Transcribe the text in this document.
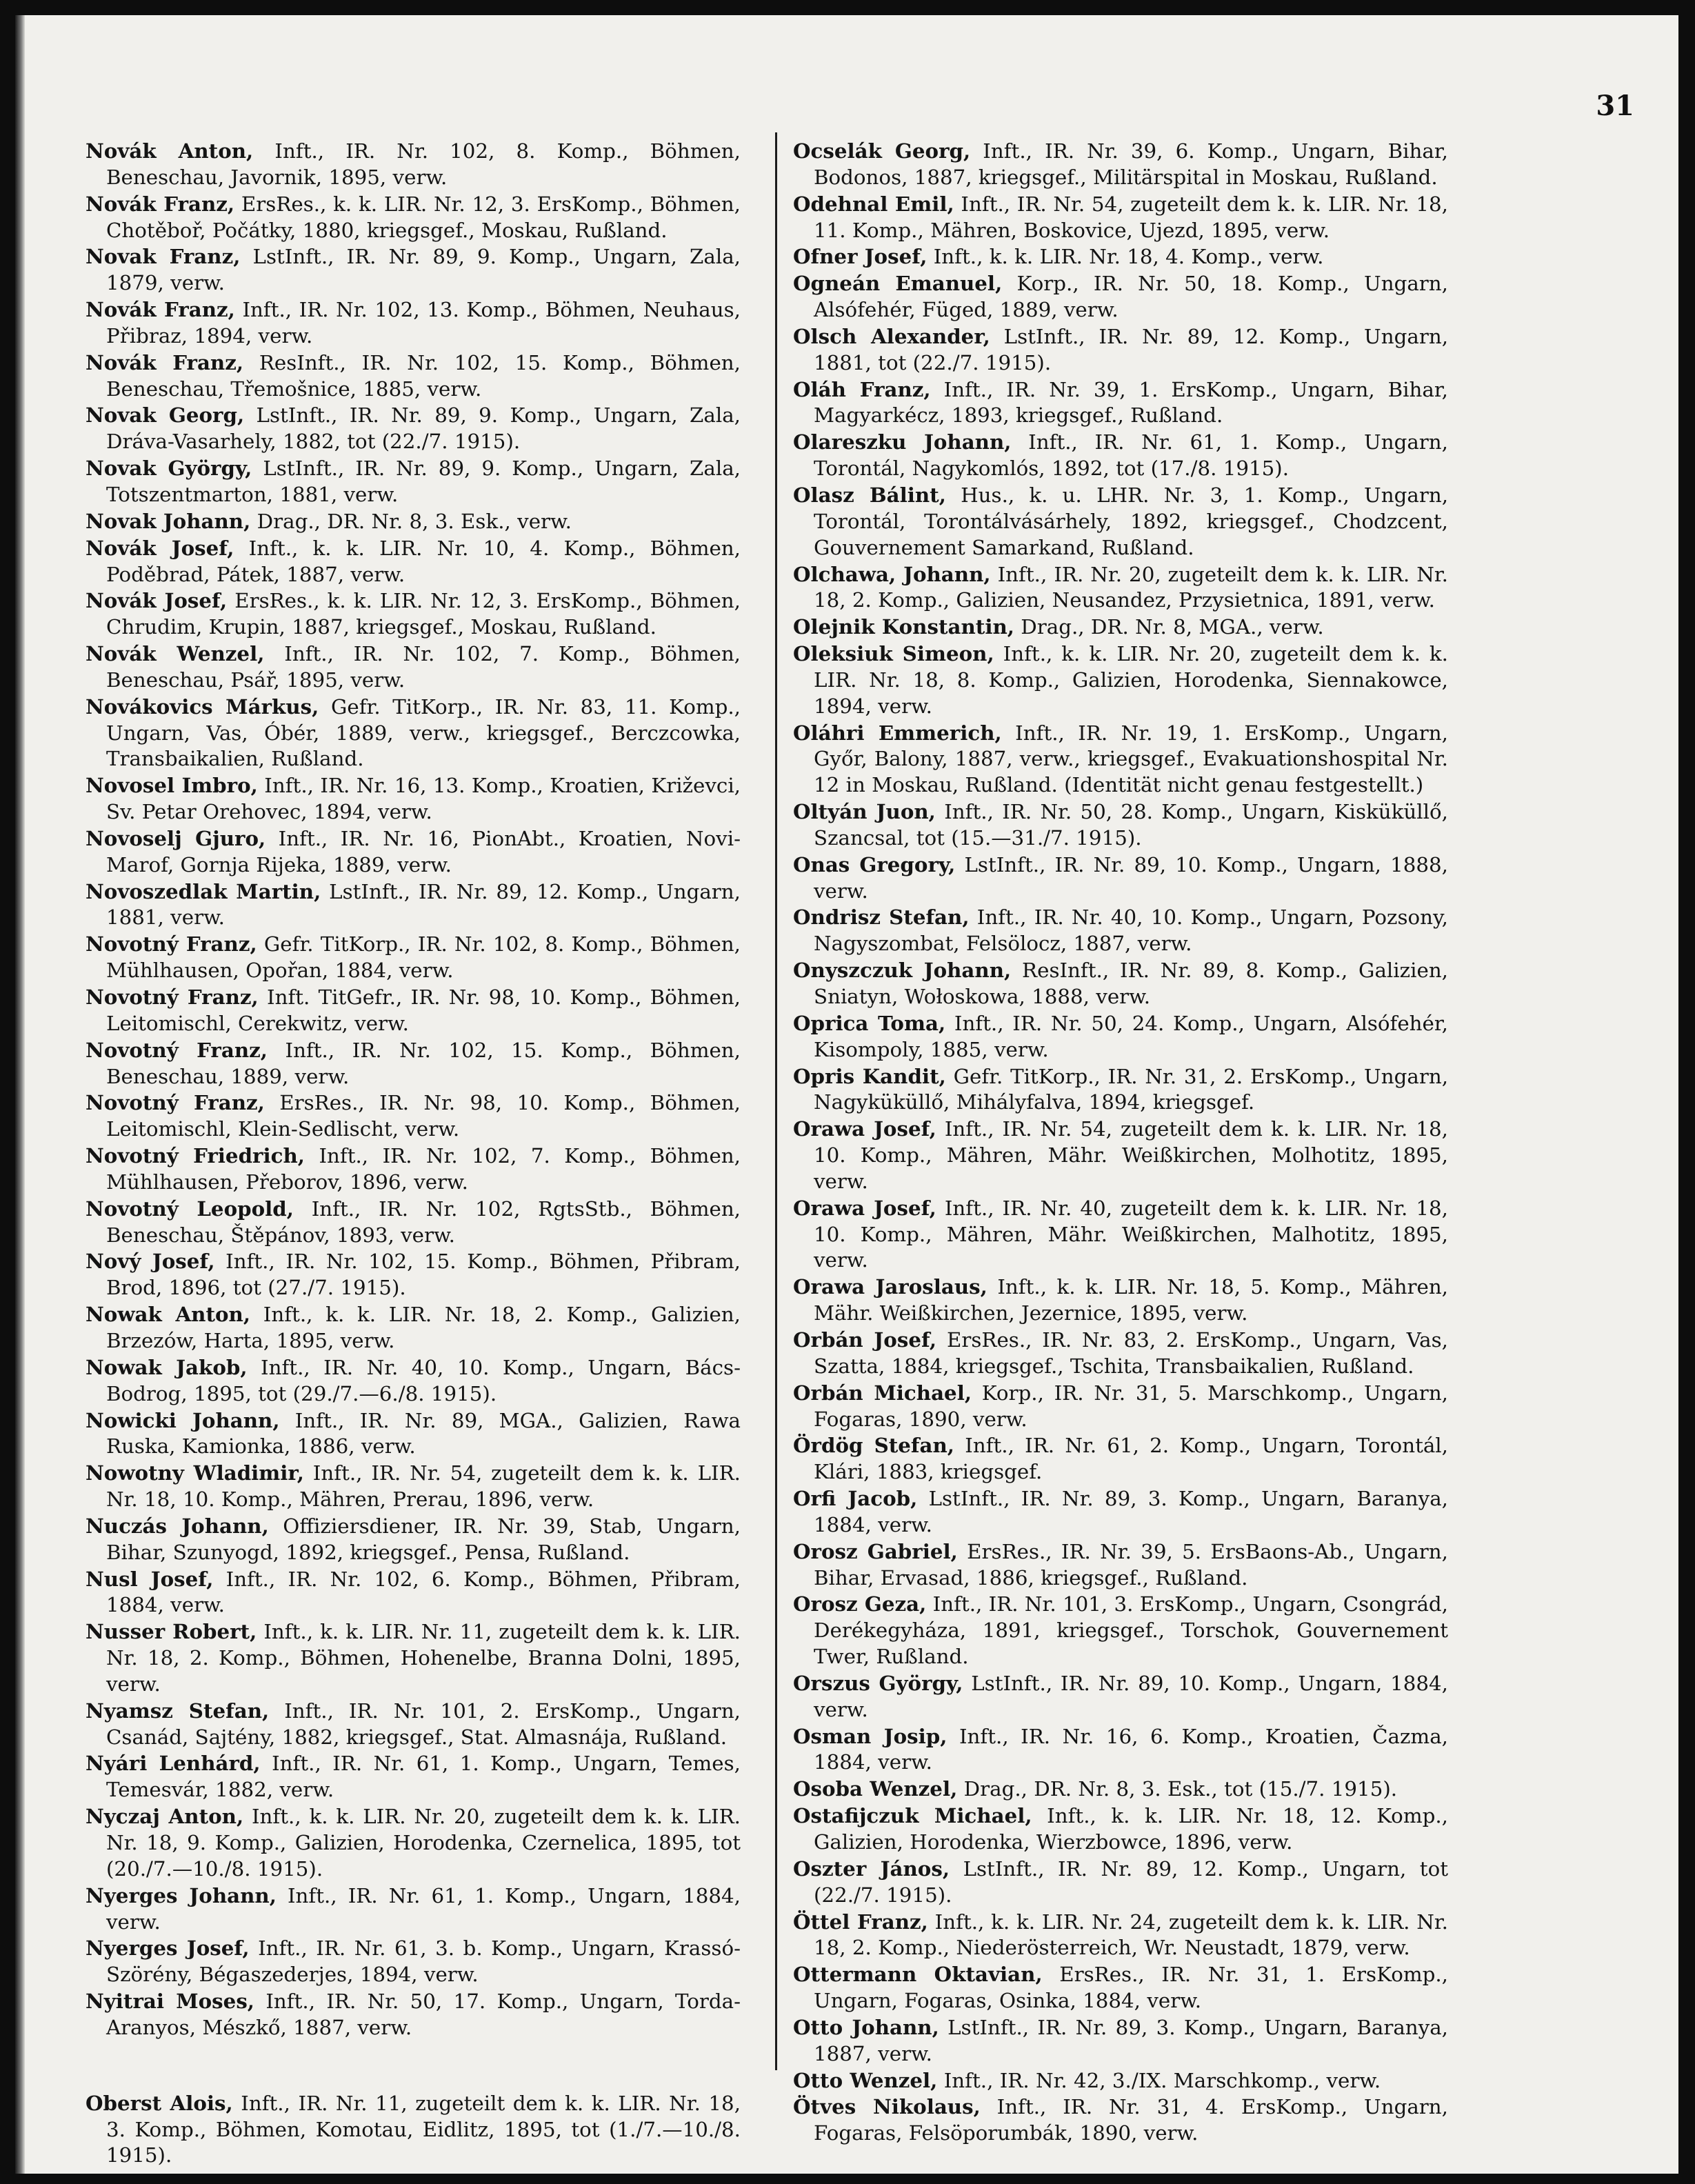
31

Novák Anton, Inft., IR. Nr. 102, 8. Komp., Böhmen, Beneschau, Javornik, 1895, verw.

Novák Franz, ErsRes., k. k. LIR. Nr. 12, 3. ErsKomp., Böhmen, Chotěboř, Počátky, 1880, kriegsgef., Moskau, Rußland.

Novak Franz, LstInft., IR. Nr. 89, 9. Komp., Ungarn, Zala, 1879, verw.

Novák Franz, Inft., IR. Nr. 102, 13. Komp., Böhmen, Neuhaus, Přibraz, 1894, verw.

Novák Franz, ResInft., IR. Nr. 102, 15. Komp., Böhmen, Beneschau, Třemošnice, 1885, verw.

Novak Georg, LstInft., IR. Nr. 89, 9. Komp., Ungarn, Zala, Dráva-Vasarhely, 1882, tot (22./7. 1915).

Novak György, LstInft., IR. Nr. 89, 9. Komp., Ungarn, Zala, Totszentmarton, 1881, verw.

Novak Johann, Drag., DR. Nr. 8, 3. Esk., verw.

Novák Josef, Inft., k. k. LIR. Nr. 10, 4. Komp., Böhmen, Poděbrad, Pátek, 1887, verw.

Novák Josef, ErsRes., k. k. LIR. Nr. 12, 3. ErsKomp., Böhmen, Chrudim, Krupin, 1887, kriegsgef., Moskau, Rußland.

Novák Wenzel, Inft., IR. Nr. 102, 7. Komp., Böhmen, Beneschau, Psář, 1895, verw.

Novákovics Márkus, Gefr. TitKorp., IR. Nr. 83, 11. Komp., Ungarn, Vas, Óbér, 1889, verw., kriegsgef., Berczcowka, Transbaikalien, Rußland.

Novosel Imbro, Inft., IR. Nr. 16, 13. Komp., Kroatien, Križevci, Sv. Petar Orehovec, 1894, verw.

Novoselj Gjuro, Inft., IR. Nr. 16, PionAbt., Kroatien, Novi-Marof, Gornja Rijeka, 1889, verw.

Novoszedlak Martin, LstInft., IR. Nr. 89, 12. Komp., Ungarn, 1881, verw.

Novotný Franz, Gefr. TitKorp., IR. Nr. 102, 8. Komp., Böhmen, Mühlhausen, Opořan, 1884, verw.

Novotný Franz, Inft. TitGefr., IR. Nr. 98, 10. Komp., Böhmen, Leitomischl, Cerekwitz, verw.

Novotný Franz, Inft., IR. Nr. 102, 15. Komp., Böhmen, Beneschau, 1889, verw.

Novotný Franz, ErsRes., IR. Nr. 98, 10. Komp., Böhmen, Leitomischl, Klein-Sedlischt, verw.

Novotný Friedrich, Inft., IR. Nr. 102, 7. Komp., Böhmen, Mühlhausen, Přeborov, 1896, verw.

Novotný Leopold, Inft., IR. Nr. 102, RgtsStb., Böhmen, Beneschau, Štěpánov, 1893, verw.

Nový Josef, Inft., IR. Nr. 102, 15. Komp., Böhmen, Přibram, Brod, 1896, tot (27./7. 1915).

Nowak Anton, Inft., k. k. LIR. Nr. 18, 2. Komp., Galizien, Brzezów, Harta, 1895, verw.

Nowak Jakob, Inft., IR. Nr. 40, 10. Komp., Ungarn, Bács-Bodrog, 1895, tot (29./7.—6./8. 1915).

Nowicki Johann, Inft., IR. Nr. 89, MGA., Galizien, Rawa Ruska, Kamionka, 1886, verw.

Nowotny Wladimir, Inft., IR. Nr. 54, zugeteilt dem k. k. LIR. Nr. 18, 10. Komp., Mähren, Prerau, 1896, verw.

Nuczás Johann, Offiziersdiener, IR. Nr. 39, Stab, Ungarn, Bihar, Szunyogd, 1892, kriegsgef., Pensa, Rußland.

Nusl Josef, Inft., IR. Nr. 102, 6. Komp., Böhmen, Přibram, 1884, verw.

Nusser Robert, Inft., k. k. LIR. Nr. 11, zugeteilt dem k. k. LIR. Nr. 18, 2. Komp., Böhmen, Hohenelbe, Branna Dolni, 1895, verw.

Nyamsz Stefan, Inft., IR. Nr. 101, 2. ErsKomp., Ungarn, Csanád, Sajtény, 1882, kriegsgef., Stat. Almasnája, Rußland.

Nyári Lenhárd, Inft., IR. Nr. 61, 1. Komp., Ungarn, Temes, Temesvár, 1882, verw.

Nyczaj Anton, Inft., k. k. LIR. Nr. 20, zugeteilt dem k. k. LIR. Nr. 18, 9. Komp., Galizien, Horodenka, Czernelica, 1895, tot (20./7.—10./8. 1915).

Nyerges Johann, Inft., IR. Nr. 61, 1. Komp., Ungarn, 1884, verw.

Nyerges Josef, Inft., IR. Nr. 61, 3. b. Komp., Ungarn, Krassó-Szörény, Bégaszederjes, 1894, verw.

Nyitrai Moses, Inft., IR. Nr. 50, 17. Komp., Ungarn, Torda-Aranyos, Mészkő, 1887, verw.

Oberst Alois, Inft., IR. Nr. 11, zugeteilt dem k. k. LIR. Nr. 18, 3. Komp., Böhmen, Komotau, Eidlitz, 1895, tot (1./7.—10./8. 1915).

Ocselák Georg, Inft., IR. Nr. 39, 6. Komp., Ungarn, Bihar, Bodonos, 1887, kriegsgef., Militärspital in Moskau, Rußland.

Odehnal Emil, Inft., IR. Nr. 54, zugeteilt dem k. k. LIR. Nr. 18, 11. Komp., Mähren, Boskovice, Ujezd, 1895, verw.

Ofner Josef, Inft., k. k. LIR. Nr. 18, 4. Komp., verw.

Ogneán Emanuel, Korp., IR. Nr. 50, 18. Komp., Ungarn, Alsófehér, Füged, 1889, verw.

Olsch Alexander, LstInft., IR. Nr. 89, 12. Komp., Ungarn, 1881, tot (22./7. 1915).

Oláh Franz, Inft., IR. Nr. 39, 1. ErsKomp., Ungarn, Bihar, Magyarkécz, 1893, kriegsgef., Rußland.

Olareszku Johann, Inft., IR. Nr. 61, 1. Komp., Ungarn, Torontál, Nagykomlós, 1892, tot (17./8. 1915).

Olasz Bálint, Hus., k. u. LHR. Nr. 3, 1. Komp., Ungarn, Torontál, Torontálvásárhely, 1892, kriegsgef., Chodzcent, Gouvernement Samarkand, Rußland.

Olchawa, Johann, Inft., IR. Nr. 20, zugeteilt dem k. k. LIR. Nr. 18, 2. Komp., Galizien, Neusandez, Przysietnica, 1891, verw.

Olejnik Konstantin, Drag., DR. Nr. 8, MGA., verw.

Oleksiuk Simeon, Inft., k. k. LIR. Nr. 20, zugeteilt dem k. k. LIR. Nr. 18, 8. Komp., Galizien, Horodenka, Siennakowce, 1894, verw.

Oláhri Emmerich, Inft., IR. Nr. 19, 1. ErsKomp., Ungarn, Győr, Balony, 1887, verw., kriegsgef., Evakuationshospital Nr. 12 in Moskau, Rußland. (Identität nicht genau festgestellt.)

Oltyán Juon, Inft., IR. Nr. 50, 28. Komp., Ungarn, Kisküküllő, Szancsal, tot (15.—31./7. 1915).

Onas Gregory, LstInft., IR. Nr. 89, 10. Komp., Ungarn, 1888, verw.

Ondrisz Stefan, Inft., IR. Nr. 40, 10. Komp., Ungarn, Pozsony, Nagyszombat, Felsölocz, 1887, verw.

Onyszczuk Johann, ResInft., IR. Nr. 89, 8. Komp., Galizien, Sniatyn, Wołoskowa, 1888, verw.

Oprica Toma, Inft., IR. Nr. 50, 24. Komp., Ungarn, Alsófehér, Kisompoly, 1885, verw.

Opris Kandit, Gefr. TitKorp., IR. Nr. 31, 2. ErsKomp., Ungarn, Nagyküküllő, Mihályfalva, 1894, kriegsgef.

Orawa Josef, Inft., IR. Nr. 54, zugeteilt dem k. k. LIR. Nr. 18, 10. Komp., Mähren, Mähr. Weißkirchen, Molhotitz, 1895, verw.

Orawa Josef, Inft., IR. Nr. 40, zugeteilt dem k. k. LIR. Nr. 18, 10. Komp., Mähren, Mähr. Weißkirchen, Malhotitz, 1895, verw.

Orawa Jaroslaus, Inft., k. k. LIR. Nr. 18, 5. Komp., Mähren, Mähr. Weißkirchen, Jezernice, 1895, verw.

Orbán Josef, ErsRes., IR. Nr. 83, 2. ErsKomp., Ungarn, Vas, Szatta, 1884, kriegsgef., Tschita, Transbaikalien, Rußland.

Orbán Michael, Korp., IR. Nr. 31, 5. Marschkomp., Ungarn, Fogaras, 1890, verw.

Ördög Stefan, Inft., IR. Nr. 61, 2. Komp., Ungarn, Torontál, Klári, 1883, kriegsgef.

Orfi Jacob, LstInft., IR. Nr. 89, 3. Komp., Ungarn, Baranya, 1884, verw.

Orosz Gabriel, ErsRes., IR. Nr. 39, 5. ErsBaons-Ab., Ungarn, Bihar, Ervasad, 1886, kriegsgef., Rußland.

Orosz Geza, Inft., IR. Nr. 101, 3. ErsKomp., Ungarn, Csongrád, Derékegyháza, 1891, kriegsgef., Torschok, Gouvernement Twer, Rußland.

Orszus György, LstInft., IR. Nr. 89, 10. Komp., Ungarn, 1884, verw.

Osman Josip, Inft., IR. Nr. 16, 6. Komp., Kroatien, Čazma, 1884, verw.

Osoba Wenzel, Drag., DR. Nr. 8, 3. Esk., tot (15./7. 1915).

Ostafijczuk Michael, Inft., k. k. LIR. Nr. 18, 12. Komp., Galizien, Horodenka, Wierzbowce, 1896, verw.

Oszter János, LstInft., IR. Nr. 89, 12. Komp., Ungarn, tot (22./7. 1915).

Öttel Franz, Inft., k. k. LIR. Nr. 24, zugeteilt dem k. k. LIR. Nr. 18, 2. Komp., Niederösterreich, Wr. Neustadt, 1879, verw.

Ottermann Oktavian, ErsRes., IR. Nr. 31, 1. ErsKomp., Ungarn, Fogaras, Osinka, 1884, verw.

Otto Johann, LstInft., IR. Nr. 89, 3. Komp., Ungarn, Baranya, 1887, verw.

Otto Wenzel, Inft., IR. Nr. 42, 3./IX. Marschkomp., verw.

Ötves Nikolaus, Inft., IR. Nr. 31, 4. ErsKomp., Ungarn, Fogaras, Felsöporumbák, 1890, verw.
